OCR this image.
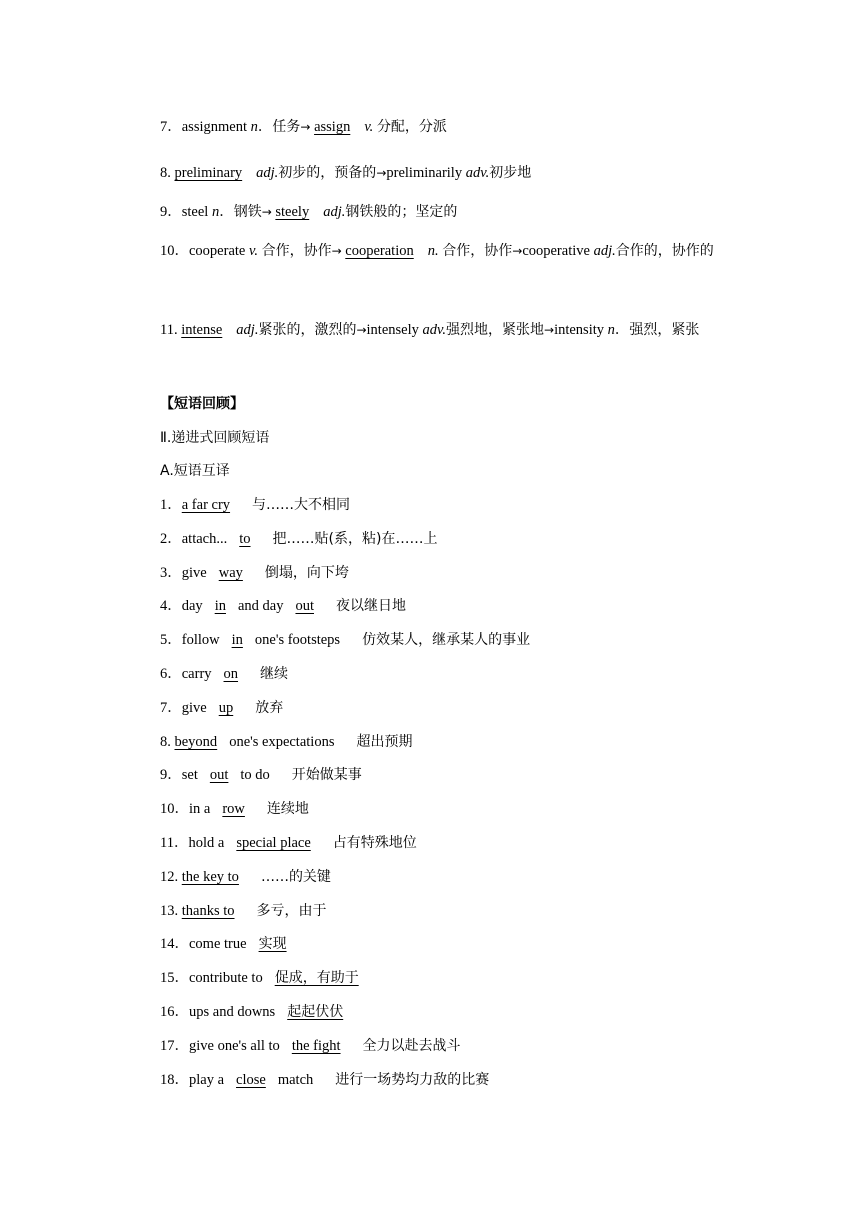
7．assignment n．任务→ assign v. 分配，分派
8. preliminary adj.初步的，预备的→preliminarily adv.初步地
9．steel n．钢铁→ steely adj.钢铁般的；坚定的
10．cooperate v. 合作，协作→ cooperation n. 合作，协作→cooperative adj.合作的，协作的
11. intense adj.紧张的，激烈的→intensely adv.强烈地，紧张地→intensity n．强烈，紧张
【短语回顾】
Ⅱ.递进式回顾短语
A.短语互译
1．a far cry 与……大不相同
2．attach... to 把……贴(系，粘)在……上
3．give way 倒塌，向下垮
4．day in and day out 夜以继日地
5．follow in one's footsteps 仿效某人，继承某人的事业
6．carry on 继续
7．give up 放弃
8. beyond one's expectations 超出预期
9．set out to do 开始做某事
10．in a row 连续地
11．hold a special place 占有特殊地位
12. the key to ……的关键
13. thanks to 多亏，由于
14．come true 实现
15．contribute to 促成，有助于
16．ups and downs 起起伏伏
17．give one's all to the fight 全力以赴去战斗
18．play a close match 进行一场势均力敌的比赛
